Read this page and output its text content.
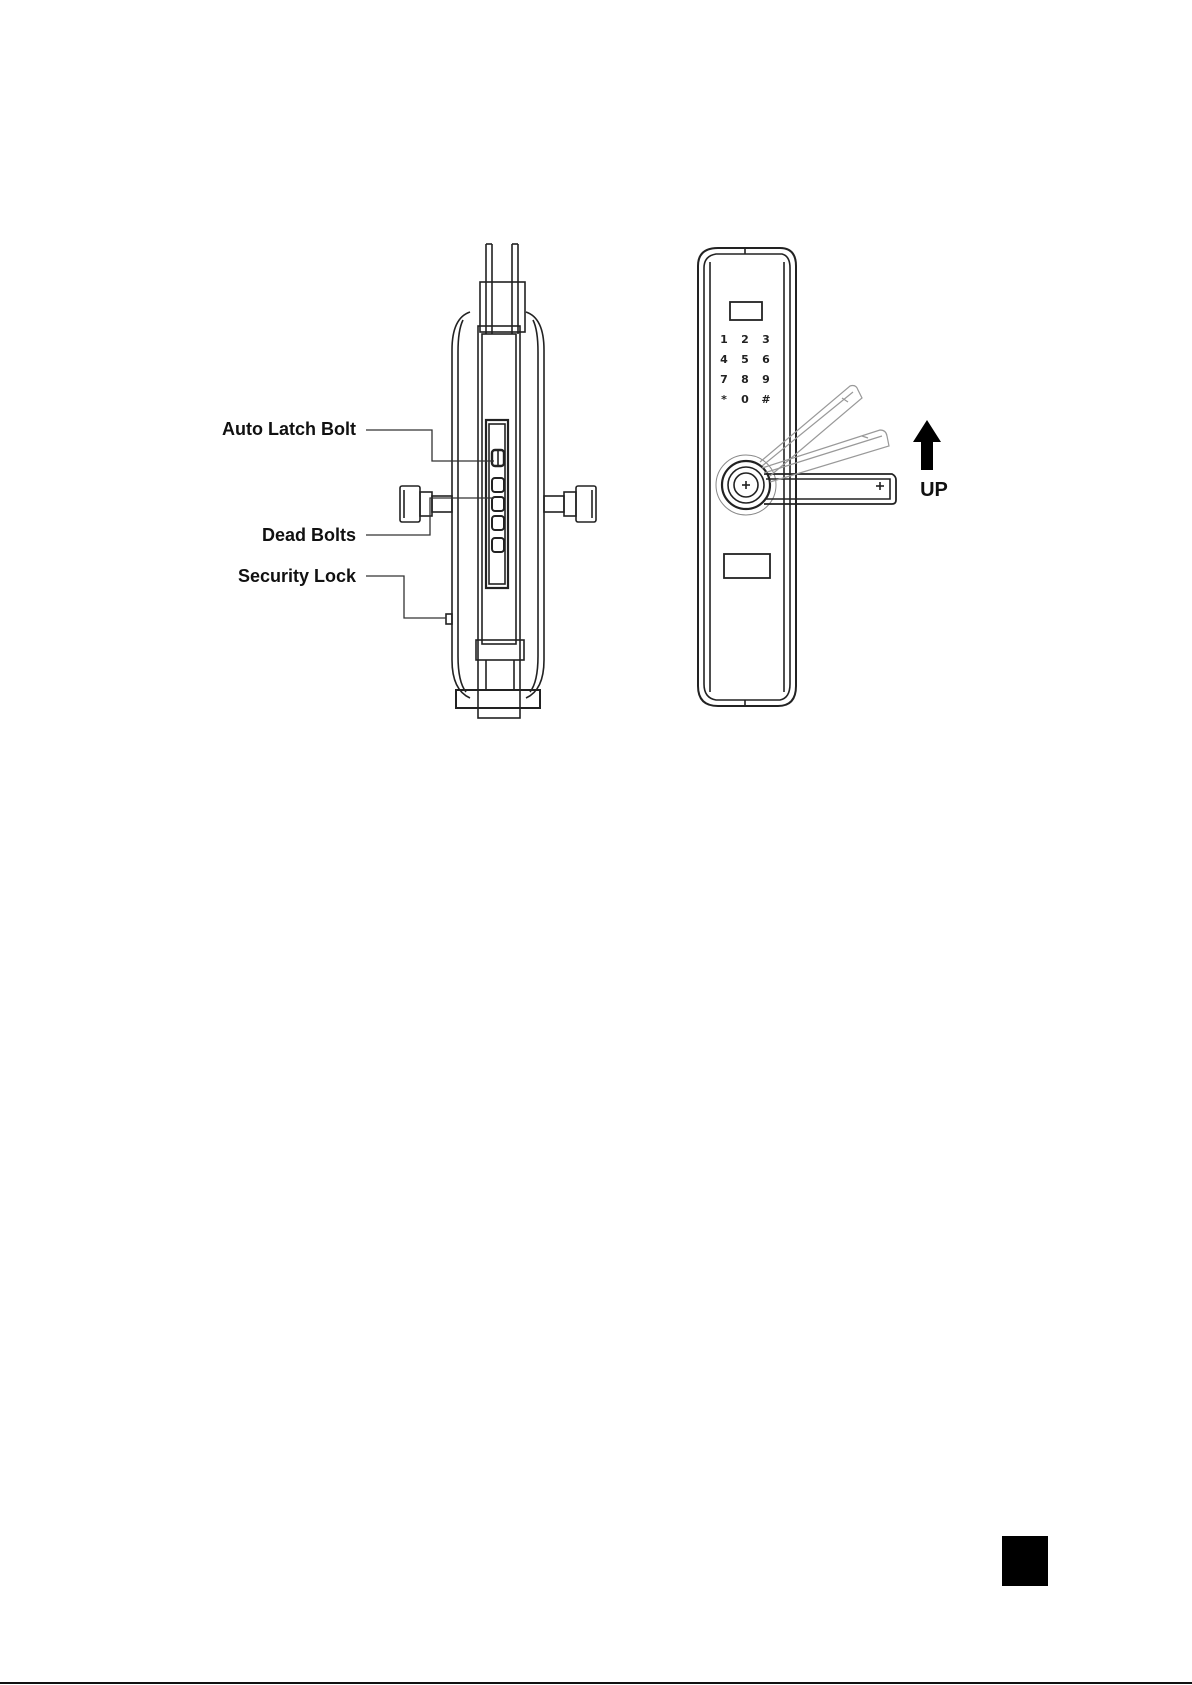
Auto Latch Bolt
Dead Bolts
Security Lock
1 2 3
4 5 6
7 8 9
* 0 #
UP
